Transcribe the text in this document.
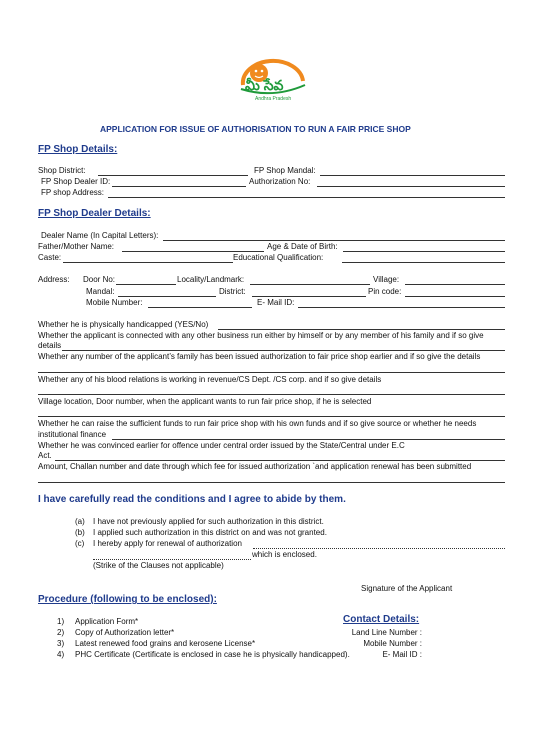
మీ సేవ
Andhra Pradesh
APPLICATION FOR ISSUE OF AUTHORISATION TO RUN A FAIR PRICE SHOP
FP Shop Details:
Shop District:	FP Shop Mandal:
FP Shop Dealer ID:	Authorization No:
FP shop Address:
FP Shop Dealer Details:
Dealer Name (In Capital Letters):
Father/Mother Name:	Age & Date of Birth:
Caste:	Educational Qualification:
Address: Door No:	Locality/Landmark:	Village:
Mandal:	District:	Pin code:
Mobile Number:	E- Mail ID:
Whether he is physically handicapped (YES/No)
Whether the applicant is connected with any other business run either by himself or by any member of his family and if so give
details
Whether any number of the applicant’s family has been issued authorization to fair price shop earlier and if so give the details
Whether any of his blood relations is working in revenue/CS Dept. /CS corp. and if so give details
Village location, Door number, when the applicant wants to run fair price shop, if he is selected
Whether he can raise the sufficient funds to run fair price shop with his own funds and if so give source or whether he needs
institutional finance
Whether he was convinced earlier for offence under central order issued by the State/Central under E.C
Act.
Amount, Challan number and date through which fee for issued authorization `and application renewal has been submitted
I have carefully read the conditions and I agree to abide by them.
(a) I have not previously applied for such authorization in this district.
(b) I applied such authorization in this district on and was not granted.
(c) I hereby apply for renewal of authorization
which is enclosed.
(Strike of the Clauses not applicable)
Signature of the Applicant
Procedure (following to be enclosed):
1) Application Form*
2) Copy of Authorization letter*
3) Latest renewed food grains and kerosene License*
4) PHC Certificate (Certificate is enclosed in case he is physically handicapped).
Contact Details:
Land Line Number :
Mobile Number :
E- Mail ID :
